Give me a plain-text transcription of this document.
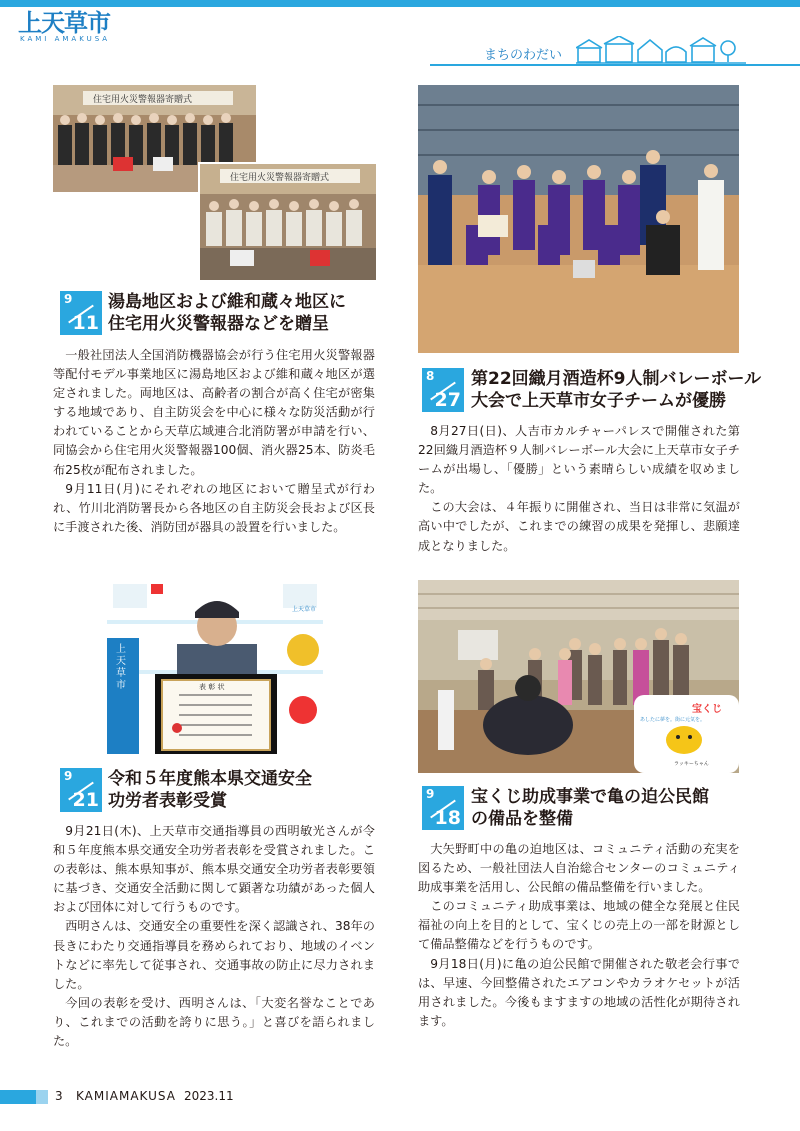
上天草市
KAMI AMAKUSA
まちのわだい
住宅用火災警報器寄贈式
住宅用火災警報器寄贈式
9
11
湯島地区および維和蔵々地区に
住宅用火災警報器などを贈呈

一般社団法人全国消防機器協会が行う住宅用火災警報器等配付モデル事業地区に湯島地区および維和蔵々地区が選定されました。両地区は、高齢者の割合が高く住宅が密集する地域であり、自主防災会を中心に様々な防災活動が行われていることから天草広域連合北消防署が申請を行い、同協会から住宅用火災警報器100個、消火器25本、防炎毛布25枚が配布されました。

9月11日(月)にそれぞれの地区において贈呈式が行われ、竹川北消防署長から各地区の自主防災会長および区長に手渡された後、消防団が器具の設置を行いました。

8
27
第22回織月酒造杯9人制バレーボール
大会で上天草市女子チームが優勝

8月27日(日)、人吉市カルチャーパレスで開催された第22回織月酒造杯９人制バレーボール大会に上天草市女子チームが出場し、「優勝」という素晴らしい成績を収めました。

この大会は、４年振りに開催され、当日は非常に気温が高い中でしたが、これまでの練習の成果を発揮し、悲願達成となりました。

上天草市
上天草市
表 彰 状
9
21
令和５年度熊本県交通安全
功労者表彰受賞

9月21日(木)、上天草市交通指導員の西明敏光さんが令和５年度熊本県交通安全功労者表彰を受賞されました。この表彰は、熊本県知事が、熊本県交通安全功労者表彰要領に基づき、交通安全活動に関して顕著な功績があった個人および団体に対して行うものです。

西明さんは、交通安全の重要性を深く認識され、38年の長きにわたり交通指導員を務められており、地域のイベントなどに率先して従事され、交通事故の防止に尽力されました。

今回の表彰を受け、西明さんは、「大変名誉なことであり、これまでの活動を誇りに思う。」と喜びを語られました。

宝くじ
あしたに夢を。街に元気を。
ラッキーちゃん
9
18
宝くじ助成事業で亀の迫公民館
の備品を整備

大矢野町中の亀の迫地区は、コミュニティ活動の充実を図るため、一般社団法人自治総合センターのコミュニティ助成事業を活用し、公民館の備品整備を行いました。

このコミュニティ助成事業は、地域の健全な発展と住民福祉の向上を目的として、宝くじの売上の一部を財源として備品整備などを行うものです。

9月18日(月)に亀の迫公民館で開催された敬老会行事では、早速、今回整備されたエアコンやカラオケセットが活用されました。今後もますますの地域の活性化が期待されます。

3 KAMIAMAKUSA 2023.11
